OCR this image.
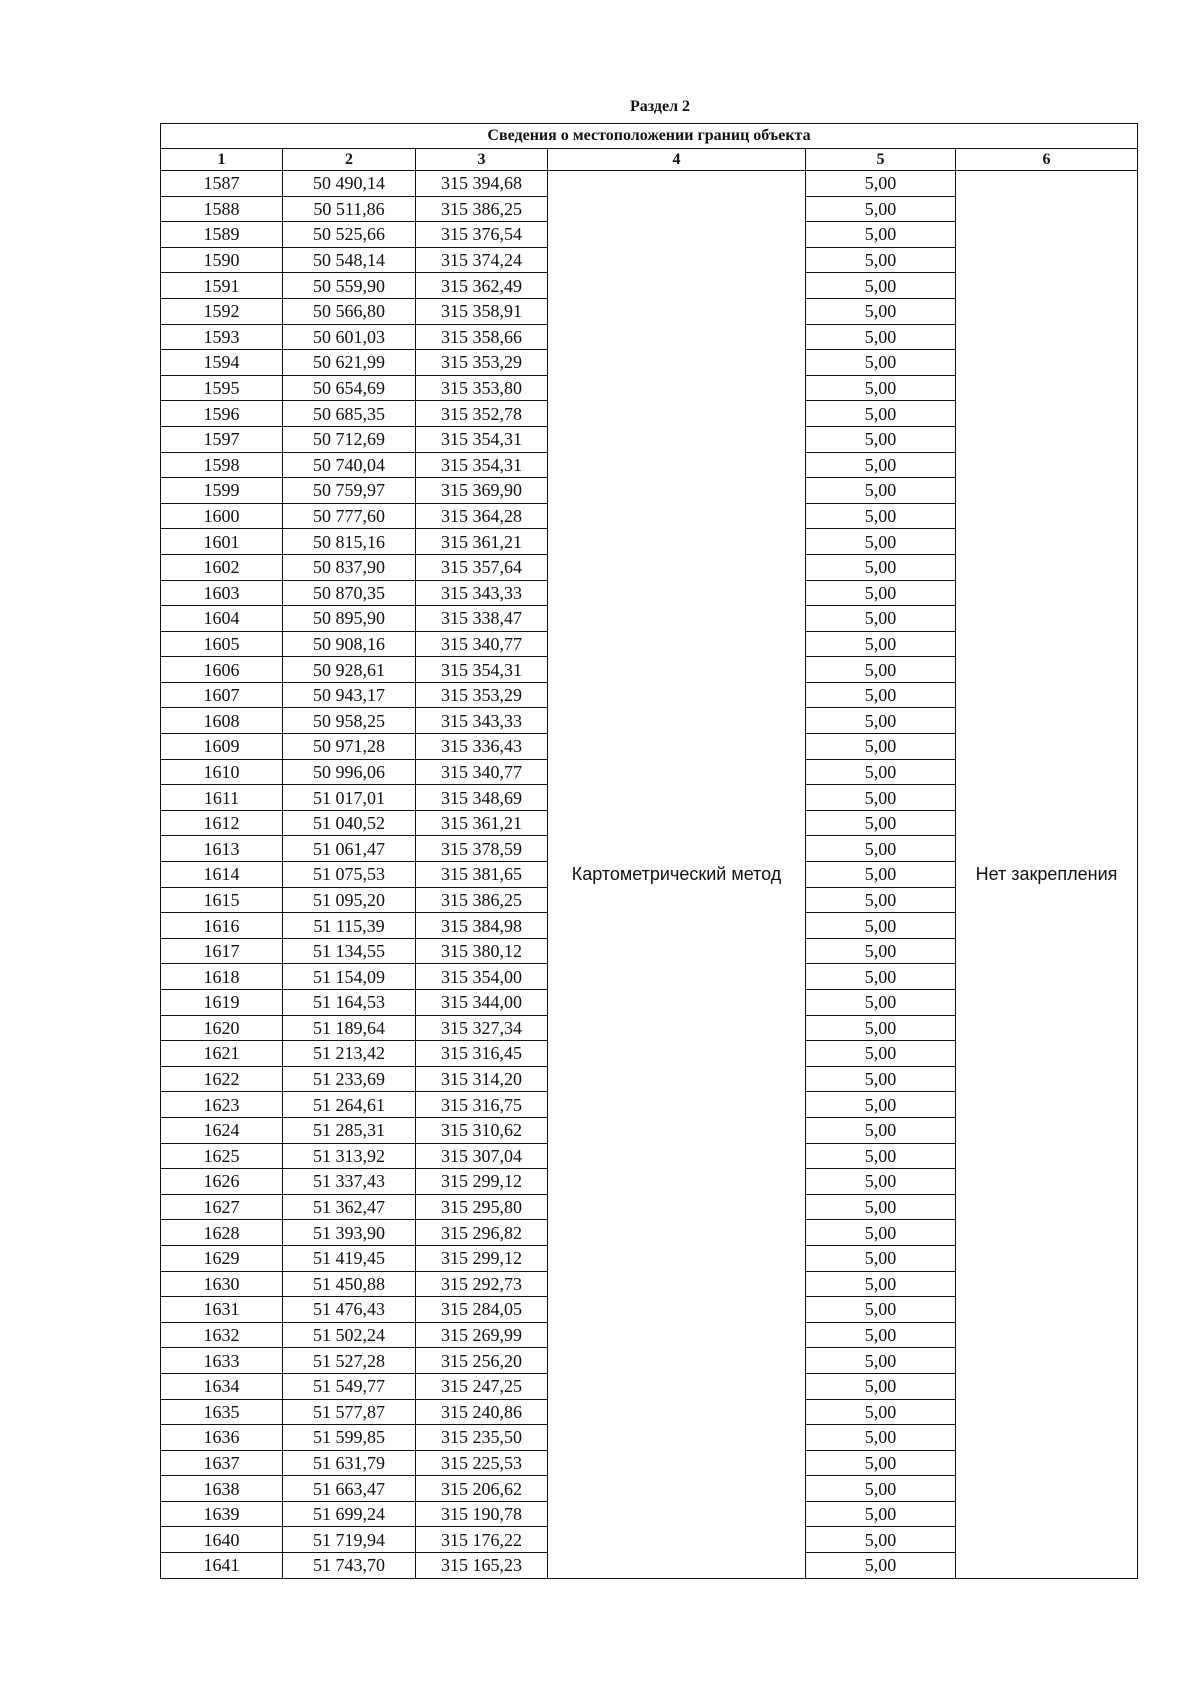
Раздел 2
Сведения о местоположении границ объекта					
1	2	3	4	5	6
1587	50 490,14	315 394,68	Картометрический метод	5,00	Нет закрепления
1588	50 511,86	315 386,25		5,00	
1589	50 525,66	315 376,54		5,00	
1590	50 548,14	315 374,24		5,00	
1591	50 559,90	315 362,49		5,00	
1592	50 566,80	315 358,91		5,00	
1593	50 601,03	315 358,66		5,00	
1594	50 621,99	315 353,29		5,00	
1595	50 654,69	315 353,80		5,00	
1596	50 685,35	315 352,78		5,00	
1597	50 712,69	315 354,31		5,00	
1598	50 740,04	315 354,31		5,00	
1599	50 759,97	315 369,90		5,00	
1600	50 777,60	315 364,28		5,00	
1601	50 815,16	315 361,21		5,00	
1602	50 837,90	315 357,64		5,00	
1603	50 870,35	315 343,33		5,00	
1604	50 895,90	315 338,47		5,00	
1605	50 908,16	315 340,77		5,00	
1606	50 928,61	315 354,31		5,00	
1607	50 943,17	315 353,29		5,00	
1608	50 958,25	315 343,33		5,00	
1609	50 971,28	315 336,43		5,00	
1610	50 996,06	315 340,77		5,00	
1611	51 017,01	315 348,69		5,00	
1612	51 040,52	315 361,21		5,00	
1613	51 061,47	315 378,59		5,00	
1614	51 075,53	315 381,65		5,00	
1615	51 095,20	315 386,25		5,00	
1616	51 115,39	315 384,98		5,00	
1617	51 134,55	315 380,12		5,00	
1618	51 154,09	315 354,00		5,00	
1619	51 164,53	315 344,00		5,00	
1620	51 189,64	315 327,34		5,00	
1621	51 213,42	315 316,45		5,00	
1622	51 233,69	315 314,20		5,00	
1623	51 264,61	315 316,75		5,00	
1624	51 285,31	315 310,62		5,00	
1625	51 313,92	315 307,04		5,00	
1626	51 337,43	315 299,12		5,00	
1627	51 362,47	315 295,80		5,00	
1628	51 393,90	315 296,82		5,00	
1629	51 419,45	315 299,12		5,00	
1630	51 450,88	315 292,73		5,00	
1631	51 476,43	315 284,05		5,00	
1632	51 502,24	315 269,99		5,00	
1633	51 527,28	315 256,20		5,00	
1634	51 549,77	315 247,25		5,00	
1635	51 577,87	315 240,86		5,00	
1636	51 599,85	315 235,50		5,00	
1637	51 631,79	315 225,53		5,00	
1638	51 663,47	315 206,62		5,00	
1639	51 699,24	315 190,78		5,00	
1640	51 719,94	315 176,22		5,00	
1641	51 743,70	315 165,23		5,00	
